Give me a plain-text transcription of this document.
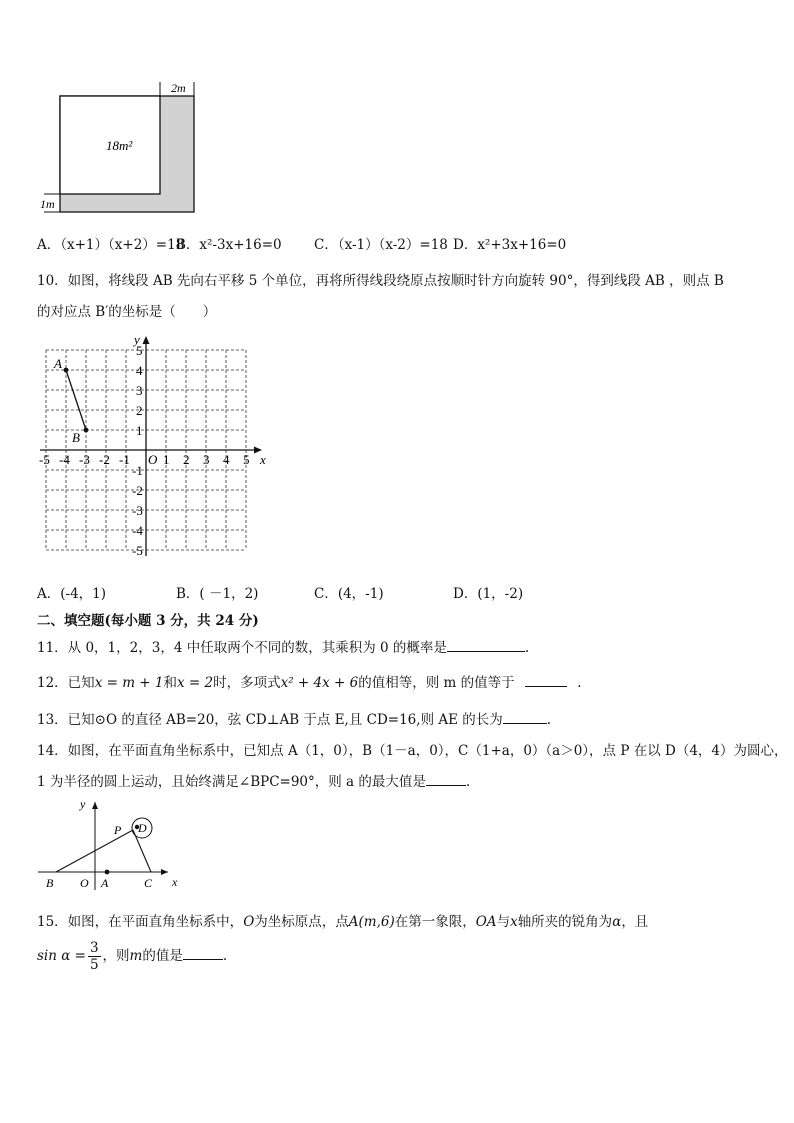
2m
18m²
1m
A．（x+1）（x+2）=18
B．x²-3x+16=0 C．（x-1）（x-2）=18 D．x²+3x+16=0
10．如图，将线段 AB 先向右平移 5 个单位，再将所得线段绕原点按顺时针方向旋转 90°，得到线段 AB ，则点 B
的对应点 B′的坐标是（　　）
-5 -4 -3 -2 -1 O 1 2 3 4 5
5
4
3
2
1
-1
-2
-3
-4
-5
A
B
x
y
A．(-4，1)	B．( －1，2)	C．(4，-1)	D．(1，-2)
二、填空题(每小题 3 分，共 24 分)
11．从 0，1，2，3，4 中任取两个不同的数，其乘积为 0 的概率是	.
12．已知x = m + 1和x = 2时，多项式x² + 4x + 6的值相等，则 m 的值等于	.
13．已知⊙O 的直径 AB=20，弦 CD⊥AB 于点 E,且 CD=16,则 AE 的长为	.
14．如图，在平面直角坐标系中，已知点 A（1，0），B（1－a，0），C（1+a，0）（a＞0），点 P 在以 D（4，4）为圆心，
1 为半径的圆上运动，且始终满足∠BPC=90°，则 a 的最大值是	.
y
x
P D
B O A	C
15．如图，在平面直角坐标系中，O为坐标原点，点A(m,6)在第一象限，OA与x轴所夹的锐角为α，且
$\sin \alpha = \frac{3}{5}$ ，则m的值是	.
